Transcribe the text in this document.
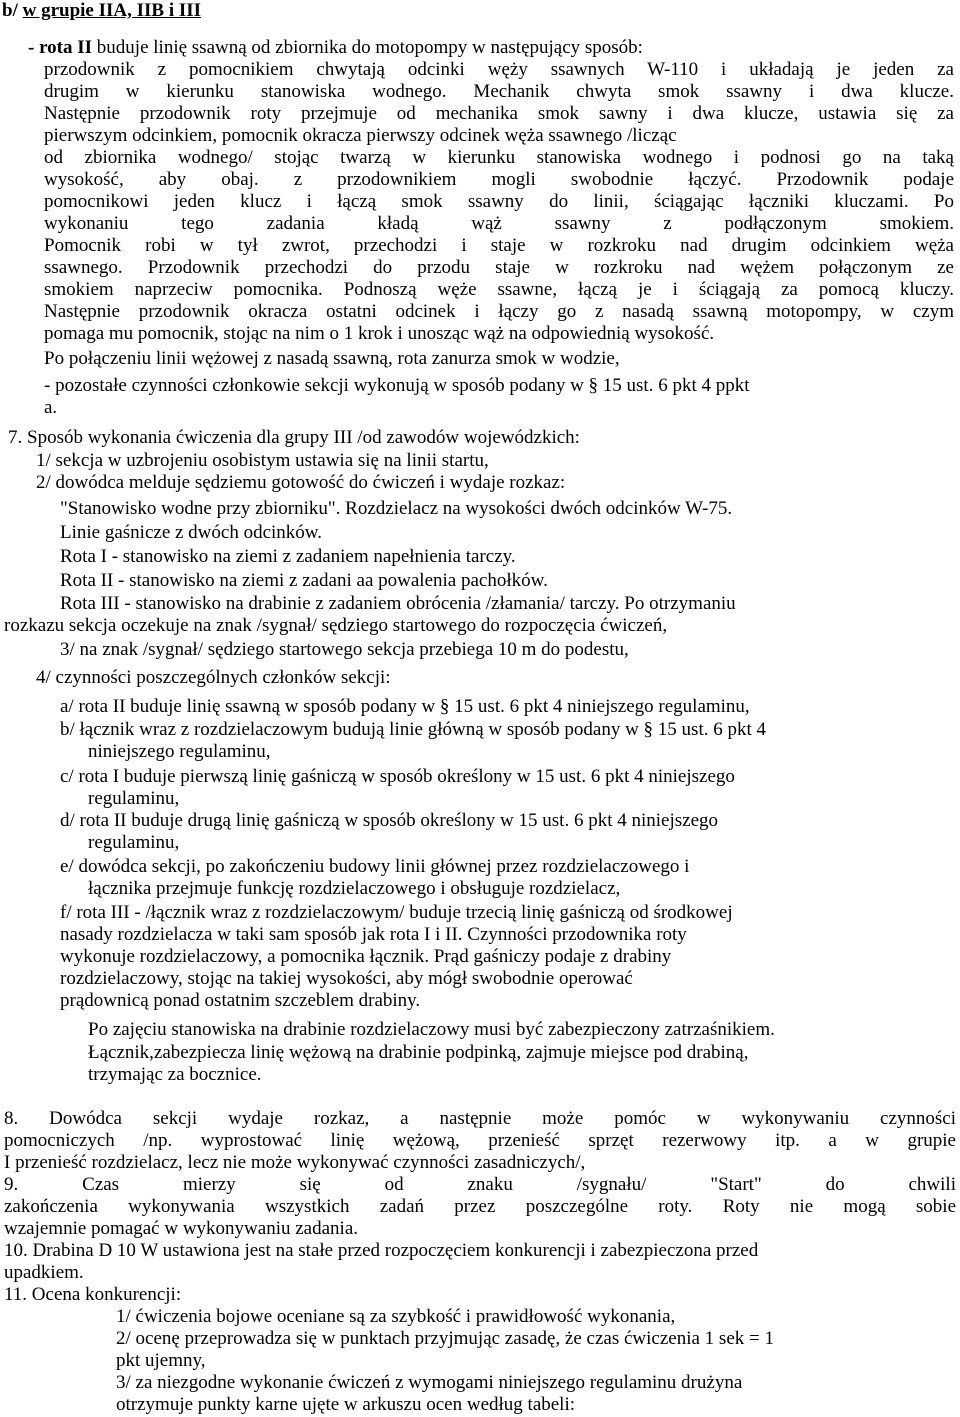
b/ w grupie IIA, IIB i III
- rota II buduje linię ssawną od zbiornika do motopompy w następujący sposób:
przodownik z pomocnikiem chwytają odcinki węży ssawnych W-110 i układają je jeden za
drugim w kierunku stanowiska wodnego. Mechanik chwyta smok ssawny i dwa klucze.
Następnie przodownik roty przejmuje od mechanika smok sawny i dwa klucze, ustawia się za
pierwszym odcinkiem, pomocnik okracza pierwszy odcinek węża ssawnego /licząc
od zbiornika wodnego/ stojąc twarzą w kierunku stanowiska wodnego i podnosi go na taką
wysokość, aby obaj. z przodownikiem mogli swobodnie łączyć. Przodownik podaje
pomocnikowi jeden klucz i łączą smok ssawny do linii, ściągając łączniki kluczami. Po
wykonaniu tego zadania kładą wąż ssawny z podłączonym smokiem.
Pomocnik robi w tył zwrot, przechodzi i staje w rozkroku nad drugim odcinkiem węża
ssawnego. Przodownik przechodzi do przodu staje w rozkroku nad wężem połączonym ze
smokiem naprzeciw pomocnika. Podnoszą węże ssawne, łączą je i ściągają za pomocą kluczy.
Następnie przodownik okracza ostatni odcinek i łączy go z nasadą ssawną motopompy, w czym
pomaga mu pomocnik, stojąc na nim o 1 krok i unosząc wąż na odpowiednią wysokość.
Po połączeniu linii wężowej z nasadą ssawną, rota zanurza smok w wodzie,
- pozostałe czynności członkowie sekcji wykonują w sposób podany w § 15 ust. 6 pkt 4 ppkt
a.
7. Sposób wykonania ćwiczenia dla grupy III /od zawodów wojewódzkich:
1/ sekcja w uzbrojeniu osobistym ustawia się na linii startu,
2/ dowódca melduje sędziemu gotowość do ćwiczeń i wydaje rozkaz:
"Stanowisko wodne przy zbiorniku". Rozdzielacz na wysokości dwóch odcinków W-75.
Linie gaśnicze z dwóch odcinków.
Rota I - stanowisko na ziemi z zadaniem napełnienia tarczy.
Rota II - stanowisko na ziemi z zadani aa powalenia pachołków.
Rota III - stanowisko na drabinie z zadaniem obrócenia /złamania/ tarczy. Po otrzymaniu
rozkazu sekcja oczekuje na znak /sygnał/ sędziego startowego do rozpoczęcia ćwiczeń,
3/ na znak /sygnał/ sędziego startowego sekcja przebiega 10 m do podestu,
4/ czynności poszczególnych członków sekcji:
a/ rota II buduje linię ssawną w sposób podany w § 15 ust. 6 pkt 4 niniejszego regulaminu,
b/ łącznik wraz z rozdzielaczowym budują linie główną w sposób podany w § 15 ust. 6 pkt 4
niniejszego regulaminu,
c/ rota I buduje pierwszą linię gaśniczą w sposób określony w 15 ust. 6 pkt 4 niniejszego
regulaminu,
d/ rota II buduje drugą linię gaśniczą w sposób określony w 15 ust. 6 pkt 4 niniejszego
regulaminu,
e/ dowódca sekcji, po zakończeniu budowy linii głównej przez rozdzielaczowego i
łącznika przejmuje funkcję rozdzielaczowego i obsługuje rozdzielacz,
f/ rota III - /łącznik wraz z rozdzielaczowym/ buduje trzecią linię gaśniczą od środkowej
nasady rozdzielacza w taki sam sposób jak rota I i II. Czynności przodownika roty
wykonuje rozdzielaczowy, a pomocnika łącznik. Prąd gaśniczy podaje z drabiny
rozdzielaczowy, stojąc na takiej wysokości, aby mógł swobodnie operować
prądownicą ponad ostatnim szczeblem drabiny.
Po zajęciu stanowiska na drabinie rozdzielaczowy musi być zabezpieczony zatrzaśnikiem.
Łącznik,zabezpiecza linię wężową na drabinie podpinką, zajmuje miejsce pod drabiną,
trzymając za bocznice.
8. Dowódca sekcji wydaje rozkaz, a następnie może pomóc w wykonywaniu czynności
pomocniczych /np. wyprostować linię wężową, przenieść sprzęt rezerwowy itp. a w grupie
I przenieść rozdzielacz, lecz nie może wykonywać czynności zasadniczych/,
9. Czas mierzy się od znaku /sygnału/ "Start" do chwili
zakończenia wykonywania wszystkich zadań przez poszczególne roty. Roty nie mogą sobie
wzajemnie pomagać w wykonywaniu zadania.
10. Drabina D 10 W ustawiona jest na stałe przed rozpoczęciem konkurencji i zabezpieczona przed
upadkiem.
11. Ocena konkurencji:
1/ ćwiczenia bojowe oceniane są za szybkość i prawidłowość wykonania,
2/ ocenę przeprowadza się w punktach przyjmując zasadę, że czas ćwiczenia 1 sek = 1
pkt ujemny,
3/ za niezgodne wykonanie ćwiczeń z wymogami niniejszego regulaminu drużyna
otrzymuje punkty karne ujęte w arkuszu ocen według tabeli:
